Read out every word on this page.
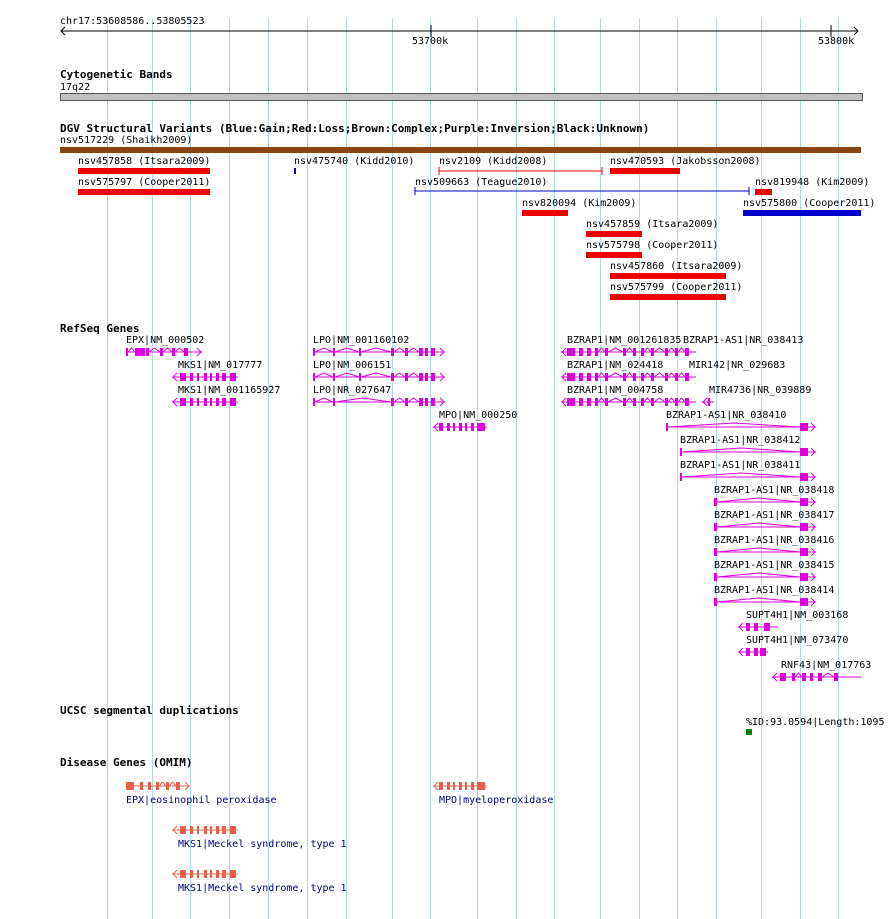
chr17:53608586..53805523
53700k	53800k
Cytogenetic Bands
17q22
DGV Structural Variants (Blue:Gain;Red:Loss;Brown:Complex;Purple:Inversion;Black:Unknown)
nsv517229 (Shaikh2009)
nsv457858 (Itsara2009)	nsv475740 (Kidd2010) nsv2109 (Kidd2008)	nsv470593 (Jakobsson2008)
nsv575797 (Cooper2011)	nsv509663 (Teague2010)	nsv819948 (Kim2009)
nsv820094 (Kim2009)	nsv575800 (Cooper2011)
nsv457859 (Itsara2009)
nsv575798 (Cooper2011)
nsv457860 (Itsara2009)
nsv575799 (Cooper2011)
RefSeq Genes
EPX|NM_000502
MKS1|NM_017777
MKS1|NM_001165927
LPO|NM_001160102
LPO|NM_006151
LPO|NR_027647
MPO|NM_000250
BZRAP1|NM_001261835 BZRAP1-AS1|NR_038413
BZRAP1|NM_024418	MIR142|NR_029683
BZRAP1|NM_004758	MIR4736|NR_039889
BZRAP1-AS1|NR_038410
BZRAP1-AS1|NR_038412
BZRAP1-AS1|NR_038411
BZRAP1-AS1|NR_038418
BZRAP1-AS1|NR_038417
BZRAP1-AS1|NR_038416
BZRAP1-AS1|NR_038415
BZRAP1-AS1|NR_038414
SUPT4H1|NM_003168
SUPT4H1|NM_073470
RNF43|NM_017763
UCSC segmental duplications
%ID:93.0594|Length:1095
Disease Genes (OMIM)
EPX|eosinophil peroxidase	MPO|myeloperoxidase
MKS1|Meckel syndrome, type 1
MKS1|Meckel syndrome, type 1
